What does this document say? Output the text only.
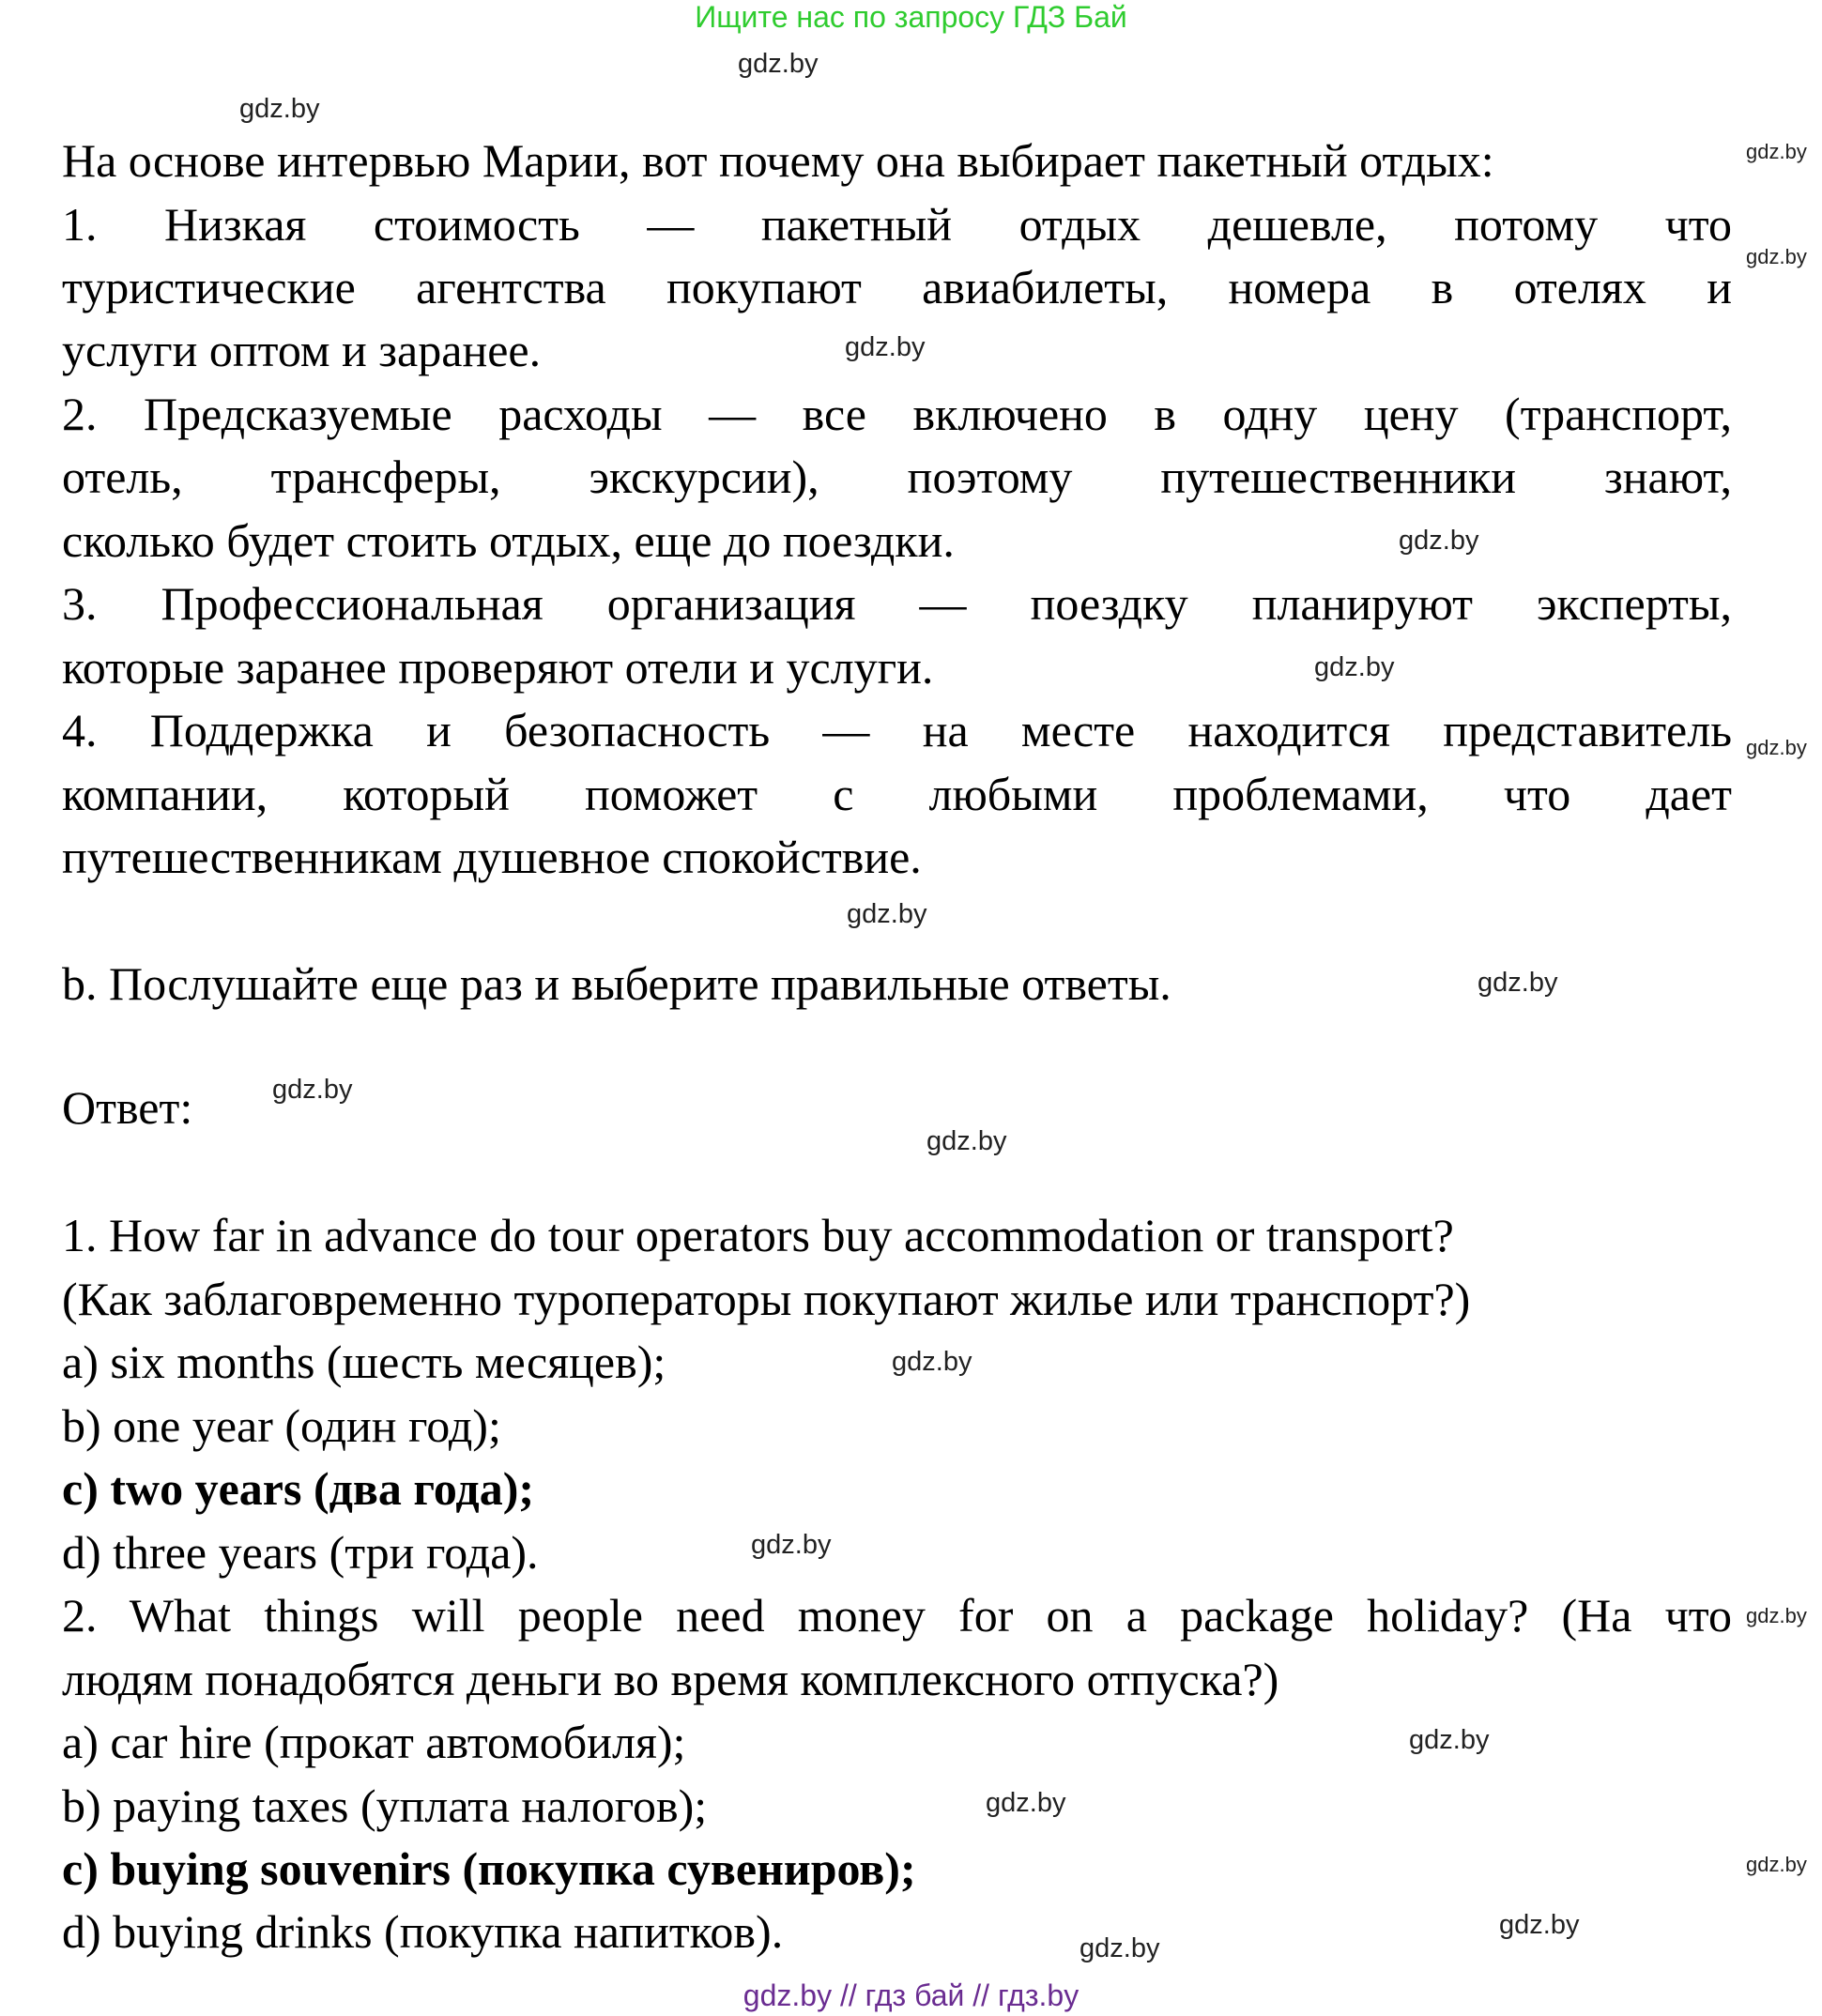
Ищите нас по запросу ГДЗ Бай
На основе интервью Марии, вот почему она выбирает пакетный отдых:
1. Низкая стоимость — пакетный отдых дешевле, потому что
туристические агентства покупают авиабилеты, номера в отелях и
услуги оптом и заранее.
2. Предсказуемые расходы — все включено в одну цену (транспорт,
отель, трансферы, экскурсии), поэтому путешественники знают,
сколько будет стоить отдых, еще до поездки.
3. Профессиональная организация — поездку планируют эксперты,
которые заранее проверяют отели и услуги.
4. Поддержка и безопасность — на месте находится представитель
компании, который поможет с любыми проблемами, что дает
путешественникам душевное спокойствие.
b. Послушайте еще раз и выберите правильные ответы.
Ответ:
1. How far in advance do tour operators buy accommodation or transport?
(Как заблаговременно туроператоры покупают жилье или транспорт?)
a) six months (шесть месяцев);
b) one year (один год);
c) two years (два года);
d) three years (три года).
2. What things will people need money for on a package holiday? (На что
людям понадобятся деньги во время комплексного отпуска?)
a) car hire (прокат автомобиля);
b) paying taxes (уплата налогов);
c) buying souvenirs (покупка сувениров);
d) buying drinks (покупка напитков).
gdz.by
gdz.by
gdz.by
gdz.by
gdz.by
gdz.by
gdz.by
gdz.by
gdz.by
gdz.by
gdz.by
gdz.by
gdz.by
gdz.by
gdz.by
gdz.by
gdz.by
gdz.by
gdz.by
gdz.by
gdz.by // гдз бай // гдз.by
